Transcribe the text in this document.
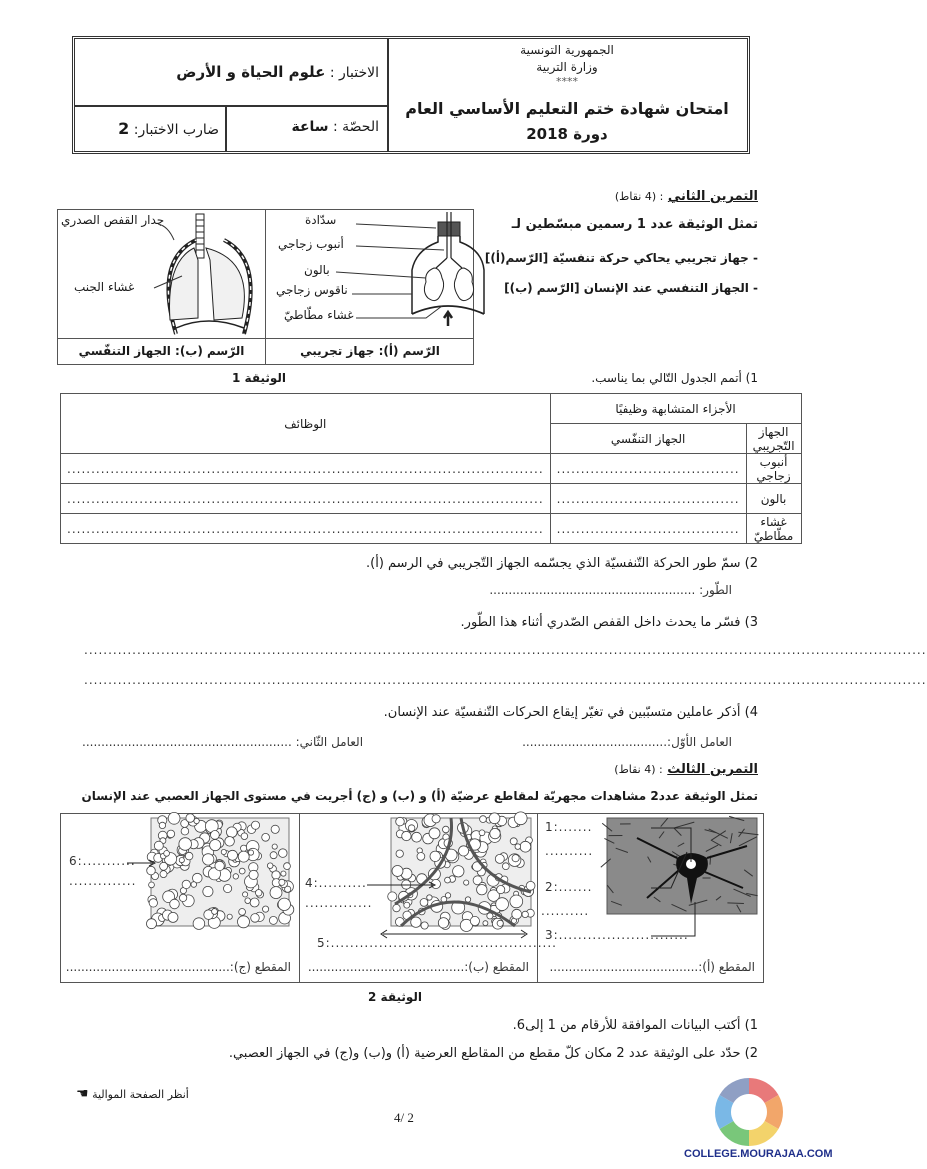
الجمهورية التونسية
وزارة التربية
****
امتحان شهادة ختم التعليم الأساسي العام
دورة 2018
الاختبار : علوم الحياة و الأرض
الحصّة : ساعة
ضارب الاختبار: 2
التمرين الثاني : (4 نقاط)
تمثل الوثيقة عدد 1 رسمين مبسّطين لـ
- جهاز تجريبي يحاكي حركة تنفسيّة [الرّسم(أ)]
- الجهاز التنفسي عند الإنسان [الرّسم (ب)]
سدّادة
أنبوب زجاجي
بالون
ناقوس زجاجي
غشاء مطّاطيّ
الرّسم (أ): جهاز تجريبي
جدار القفص الصدري
غشاء الجنب
الرّسم (ب): الجهاز التنفّسي
الوثيقة 1	1) أتمم الجدول التّالي بما يناسب.
الأجزاء المتشابهة وظيفيًا		الوظائف
الجهاز التّجريبي	الجهاز التنفّسي	
أنبوب زجاجي	......................................	...................................................................................................
بالون	......................................	...................................................................................................
غشاء مطّاطيّ	......................................	...................................................................................................
2) سمّ طور الحركة التّنفسيّة الذي يجسّمه الجهاز التّجريبي في الرسم (أ).
الطّور: ......................................................
3) فسّر ما يحدث داخل القفص الصّدري أثناء هذا الطّور.
...............................................................................................................................................................................
...............................................................................................................................................................................
4) أذكر عاملين متسبّبين في تغيّر إيقاع الحركات التّنفسيّة عند الإنسان.
العامل الأوّل:......................................
العامل الثّاني: .......................................................
التمرين الثالث : (4 نقاط)
تمثل الوثيقة عدد2 مشاهدات مجهريّة لمقاطع عرضيّة (أ) و (ب) و (ج) أجريت في مستوى الجهاز العصبي عند الإنسان
6:...........
..............
المقطع (ج):...........................................
4:..........
..............
5:...............................................
المقطع (ب):.........................................
1:.......
..........
2:.......
..........
3:...........................
المقطع (أ):.......................................
الوثيقة 2
1) أكتب البيانات الموافقة للأرقام من 1 إلى6.
2) حدّد على الوثيقة عدد 2 مكان كلّ مقطع من المقاطع العرضية (أ) و(ب) و(ج) في الجهاز العصبي.
أنظر الصفحة الموالية ☚
4/ 2
COLLEGE.MOURAJAA.COM
